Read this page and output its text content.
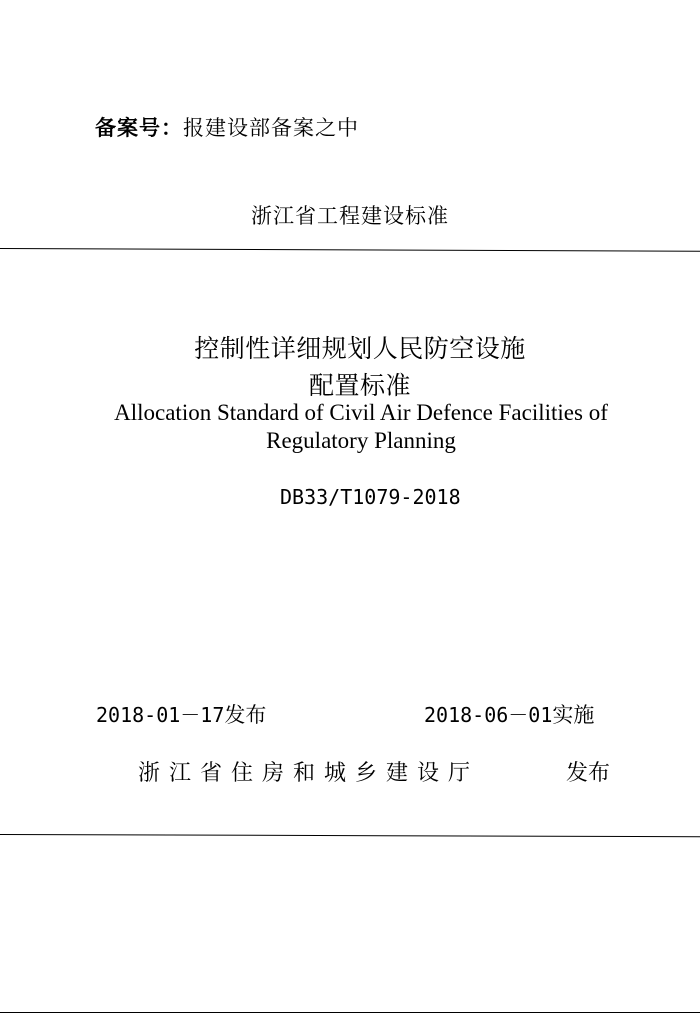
备案号：报建设部备案之中
浙江省工程建设标准
控制性详细规划人民防空设施
配置标准
Allocation Standard of Civil Air Defence Facilities of
Regulatory Planning
DB33/T1079-2018
2018-01－17发布	2018-06－01实施
浙江省住房和城乡建设厅	发布
